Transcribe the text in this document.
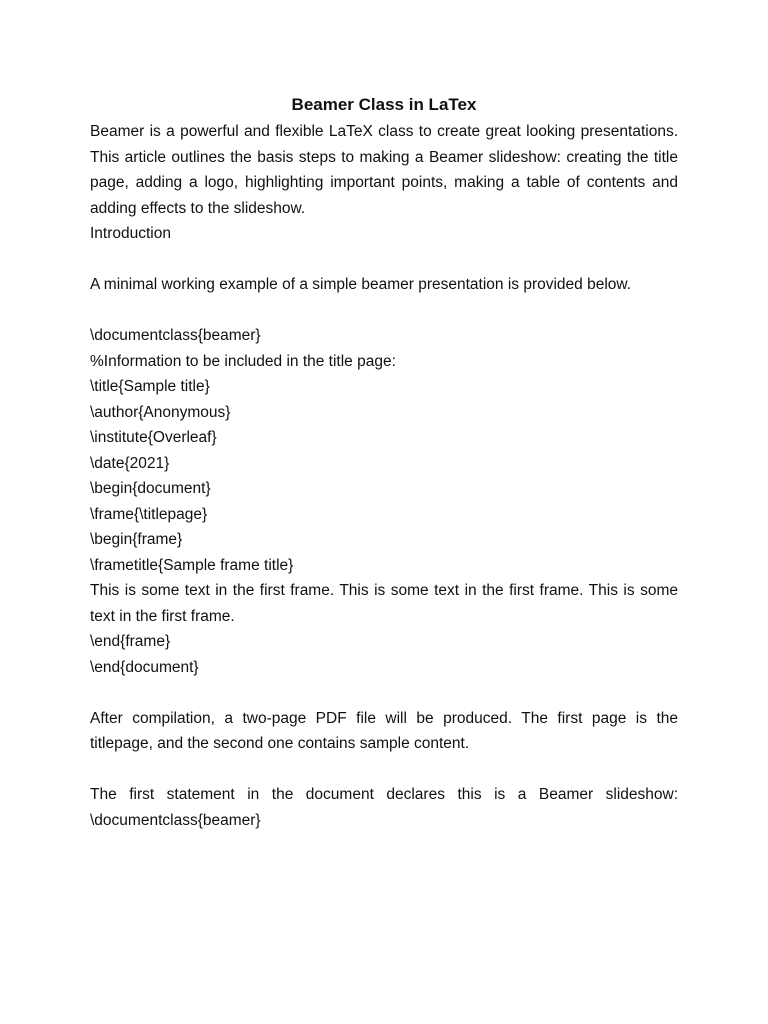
Beamer Class in LaTex

Beamer is a powerful and flexible LaTeX class to create great looking presentations. This article outlines the basis steps to making a Beamer slideshow: creating the title page, adding a logo, highlighting important points, making a table of contents and adding effects to the slideshow.

Introduction

A minimal working example of a simple beamer presentation is provided below.

\documentclass{beamer}

%Information to be included in the title page:

\title{Sample title}

\author{Anonymous}

\institute{Overleaf}

\date{2021}

\begin{document}

\frame{\titlepage}

\begin{frame}

\frametitle{Sample frame title}

This is some text in the first frame. This is some text in the first frame. This is some text in the first frame.

\end{frame}

\end{document}

After compilation, a two-page PDF file will be produced. The first page is the titlepage, and the second one contains sample content.

The first statement in the document declares this is a Beamer slideshow: \documentclass{beamer}
